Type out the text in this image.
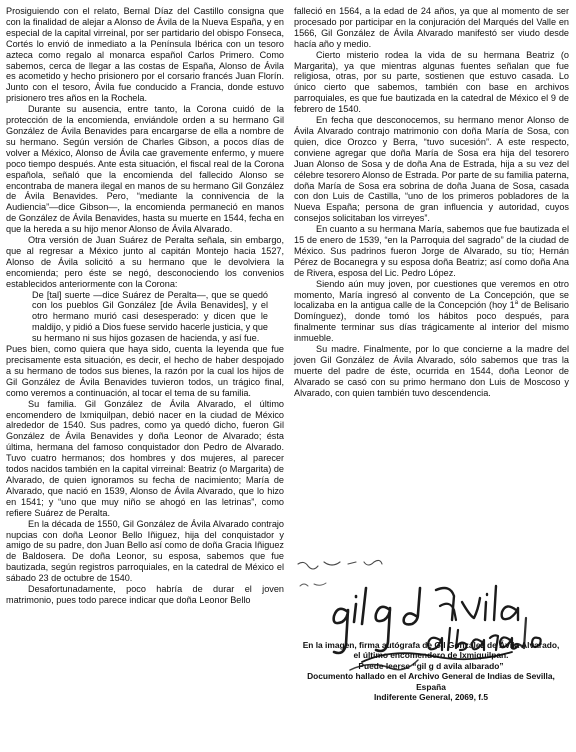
Prosiguiendo con el relato, Bernal Díaz del Castillo consigna que con la finalidad de alejar a Alonso de Ávila de la Nueva España, y en especial de la capital virreinal, por ser partidario del obispo Fonseca, Cortés lo envió de inmediato a la Península Ibérica con un tesoro azteca como regalo al monarca español Carlos Primero. Como sabemos, cerca de llegar a las costas de España, Alonso de Ávila es acometido y hecho prisionero por el corsario francés Juan Florín. Junto con el tesoro, Ávila fue conducido a Francia, donde estuvo prisionero tres años en la Rochela.

Durante su ausencia, entre tanto, la Corona cuidó de la protección de la encomienda, enviándole orden a su hermano Gil González de Ávila Benavides para encargarse de ella a nombre de su hermano. Según versión de Charles Gibson, a pocos días de volver a México, Alonso de Ávila cae gravemente enfermo, y muere poco tiempo después. Ante esta situación, el fiscal real de la Corona española, señaló que la encomienda del fallecido Alonso se encontraba de manera ilegal en manos de su hermano Gil González de Ávila Benavides. Pero, “mediante la connivencia de la Audiencia”—dice Gibson—, la encomienda permaneció en manos de González de Ávila Benavides, hasta su muerte en 1544, fecha en que la hereda a su hijo menor Alonso de Ávila Alvarado.

Otra versión de Juan Suárez de Peralta señala, sin embargo, que al regresar a México junto al capitán Montejo hacia 1527, Alonso de Ávila solicitó a su hermano que le devolviera la encomienda; pero éste se negó, desconociendo los convenios establecidos anteriormente con la Corona:

De [tal] suerte —dice Suárez de Peralta—, que se quedó con los pueblos Gil González [de Ávila Benavides], y el otro hermano murió casi desesperado: y dicen que le maldijo, y pidió a Dios fuese servido hacerle justicia, y que su hermano ni sus hijos gozasen de hacienda, y así fue.

Pues bien, como quiera que haya sido, cuenta la leyenda que fue precisamente esta situación, es decir, el hecho de haber despojado a su hermano de todos sus bienes, la razón por la cual los hijos de Gil González de Ávila Benavides tuvieron todos, un trágico final, como veremos a continuación, al tocar el tema de su familia.

Su familia. Gil González de Ávila Alvarado, el último encomendero de Ixmiquilpan, debió nacer en la ciudad de México alrededor de 1540. Sus padres, como ya quedó dicho, fueron Gil González de Ávila Benavides y doña Leonor de Alvarado; ésta última, hermana del famoso conquistador don Pedro de Alvarado. Tuvo cuatro hermanos; dos hombres y dos mujeres, al parecer todos nacidos también en la capital virreinal: Beatriz (o Margarita) de Alvarado, de quien ignoramos su fecha de nacimiento; María de Alvarado, que nació en 1539, Alonso de Ávila Alvarado, que lo hizo en 1541; y “uno que muy niño se ahogó en las letrinas”, como refiere Suárez de Peralta.

En la década de 1550, Gil González de Ávila Alvarado contrajo nupcias con doña Leonor Bello Iñiguez, hija del conquistador y amigo de su padre, don Juan Bello así como de doña Gracia Iñiguez de Baldosera. De doña Leonor, su esposa, sabemos que fue bautizada, según registros parroquiales, en la catedral de México el sábado 23 de octubre de 1540.

Desafortunadamente, poco habría de durar el joven matrimonio, pues todo parece indicar que doña Leonor Bello

falleció en 1564, a la edad de 24 años, ya que al momento de ser procesado por participar en la conjuración del Marqués del Valle en 1566, Gil González de Ávila Alvarado manifestó ser viudo desde hacía año y medio.

Cierto misterio rodea la vida de su hermana Beatriz (o Margarita), ya que mientras algunas fuentes señalan que fue religiosa, otras, por su parte, sostienen que estuvo casada. Lo único cierto que sabemos, también con base en archivos parroquiales, es que fue bautizada en la catedral de México el 9 de febrero de 1540.

En fecha que desconocemos, su hermano menor Alonso de Ávila Alvarado contrajo matrimonio con doña María de Sosa, con quien, dice Orozco y Berra, “tuvo sucesión”. A este respecto, conviene agregar que doña María de Sosa era hija del tesorero Juan Alonso de Sosa y de doña Ana de Estrada, hija a su vez del célebre tesorero Alonso de Estrada. Por parte de su familia paterna, doña María de Sosa era sobrina de doña Juana de Sosa, casada con don Luis de Castilla, “uno de los primeros pobladores de la Nueva España; persona de gran influencia y autoridad, cuyos consejos solicitaban los virreyes”.

En cuanto a su hermana María, sabemos que fue bautizada el 15 de enero de 1539, “en la Parroquia del sagrado” de la ciudad de México. Sus padrinos fueron Jorge de Alvarado, su tío; Hernán Pérez de Bocanegra y su esposa doña Beatriz; así como doña Ana de Rivera, esposa del Lic. Pedro López.

Siendo aún muy joven, por cuestiones que veremos en otro momento, María ingresó al convento de La Concepción, que se localizaba en la antigua calle de la Concepción (hoy 1$^a$ de Belisario Domínguez), donde tomó los hábitos poco después, para finalmente terminar sus días trágicamente al interior del mismo inmueble.

Su madre. Finalmente, por lo que concierne a la madre del joven Gil González de Ávila Alvarado, sólo sabemos que tras la muerte del padre de éste, ocurrida en 1544, doña Leonor de Alvarado se casó con su primo hermano don Luis de Moscoso y Alvarado, con quien también tuvo descendencia.

En la imagen, firma autógrafa de Gil González de Ávila Alvarado,
el último encomendero de Ixmiquilpan.
Puede leerse “gil g d avila albarado”
Documento hallado en el Archivo General de Indias de Sevilla, España
Indiferente General, 2069, f.5
